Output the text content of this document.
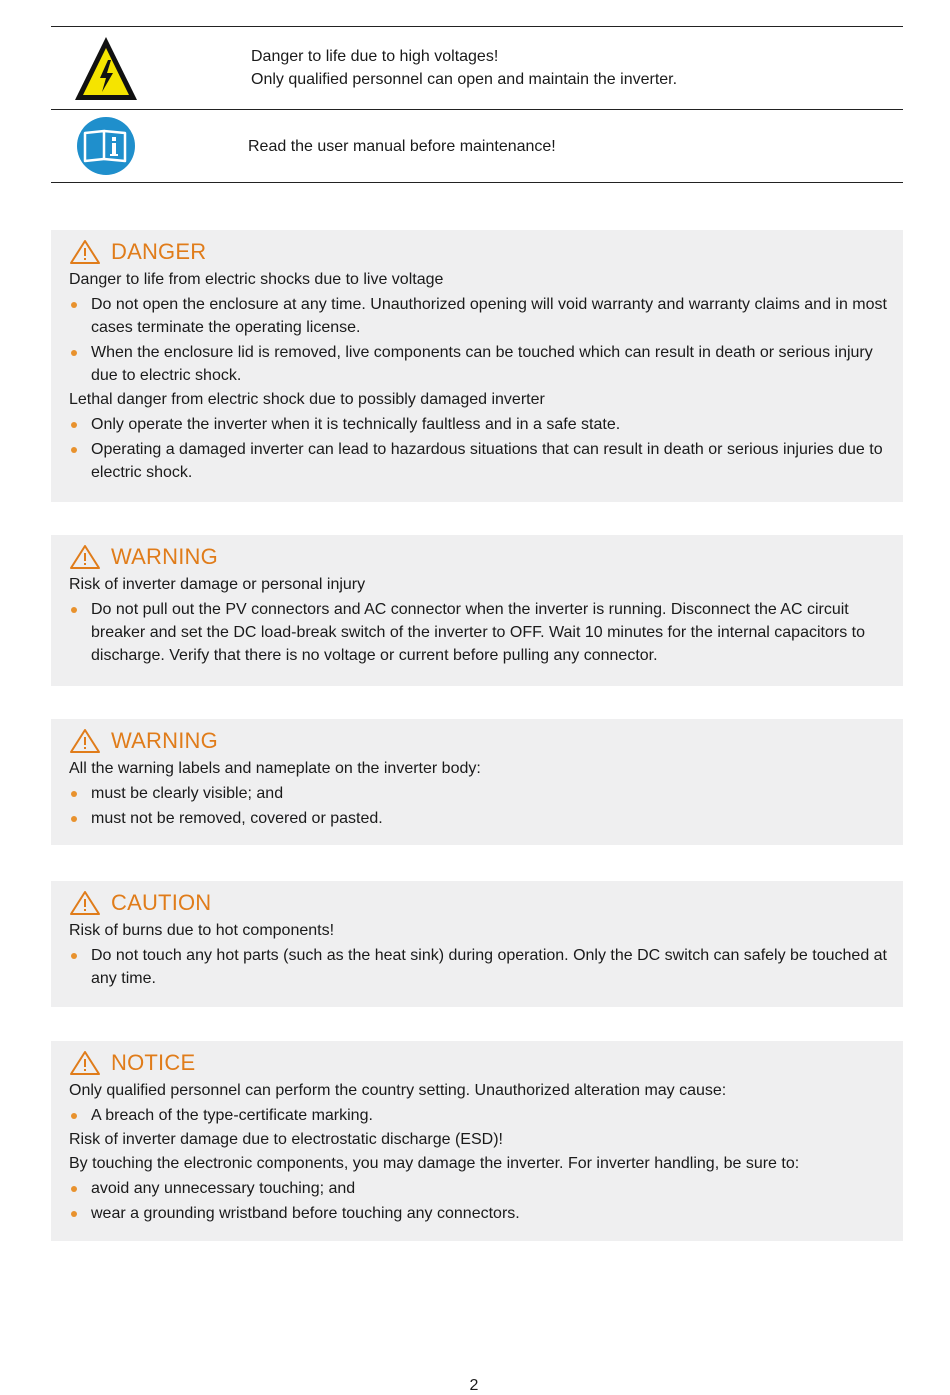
Danger to life due to high voltages!
Only qualified personnel can open and maintain the inverter.
Read the user manual before maintenance!
DANGER
Danger to life from electric shocks due to live voltage
Do not open the enclosure at any time. Unauthorized opening will void warranty and warranty claims and in most cases terminate the operating license.
When the enclosure lid is removed, live components can be touched which can result in death or serious injury due to electric shock.
Lethal danger from electric shock due to possibly damaged inverter
Only operate the inverter when it is technically faultless and in a safe state.
Operating a damaged inverter can lead to hazardous situations that can result in death or serious injuries due to electric shock.
WARNING
Risk of inverter damage or personal injury
Do not pull out the PV connectors and AC connector when the inverter is running. Disconnect the AC circuit breaker and set the DC load-break switch of the inverter to OFF. Wait 10 minutes for the internal capacitors to discharge. Verify that there is no voltage or current before pulling any connector.
WARNING
All the warning labels and nameplate on the inverter body:
must be clearly visible; and
must not be removed, covered or pasted.
CAUTION
Risk of burns due to hot components!
Do not touch any hot parts (such as the heat sink) during operation. Only the DC switch can safely be touched at any time.
NOTICE
Only qualified personnel can perform the country setting. Unauthorized alteration may cause:
A breach of the type-certificate marking.
Risk of inverter damage due to electrostatic discharge (ESD)!
By touching the electronic components, you may damage the inverter. For inverter handling, be sure to:
avoid any unnecessary touching; and
wear a grounding wristband before touching any connectors.
2
